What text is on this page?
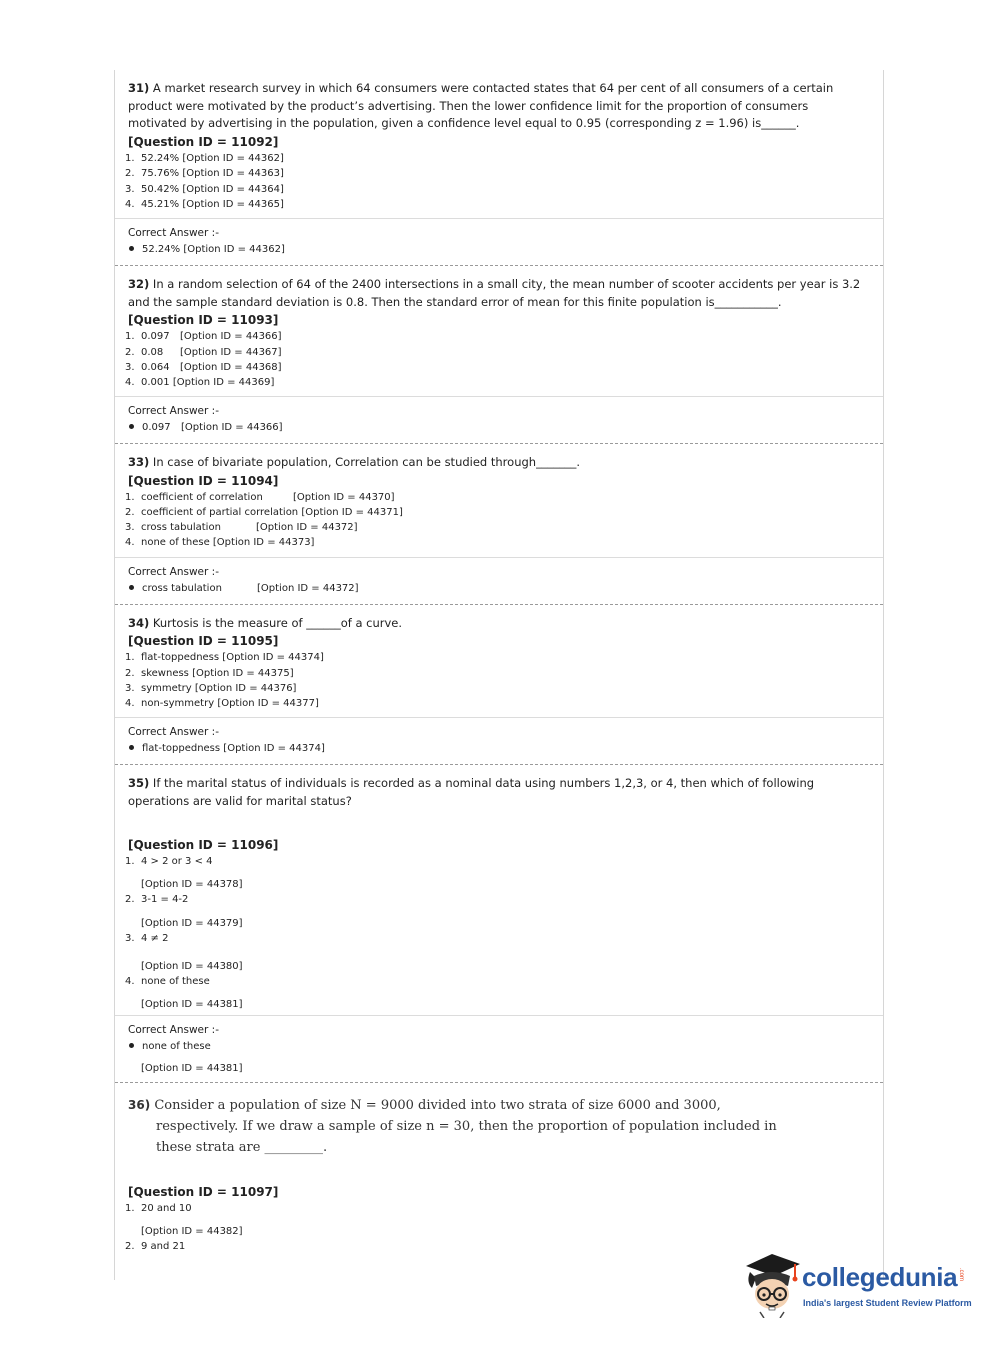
31) A market research survey in which 64 consumers were contacted states that 64 per cent of all consumers of a certain product were motivated by the product’s advertising. Then the lower confidence limit for the proportion of consumers motivated by advertising in the population, given a confidence level equal to 0.95 (corresponding z = 1.96) is______.
[Question ID = 11092]
1. 52.24% [Option ID = 44362]
2. 75.76% [Option ID = 44363]
3. 50.42% [Option ID = 44364]
4. 45.21% [Option ID = 44365]
Correct Answer :-
52.24% [Option ID = 44362]
32) In a random selection of 64 of the 2400 intersections in a small city, the mean number of scooter accidents per year is 3.2 and the sample standard deviation is 0.8. Then the standard error of mean for this finite population is___________.
[Question ID = 11093]
1. 0.097 [Option ID = 44366]
2. 0.08 [Option ID = 44367]
3. 0.064 [Option ID = 44368]
4. 0.001 [Option ID = 44369]
Correct Answer :-
0.097 [Option ID = 44366]
33) In case of bivariate population, Correlation can be studied through_______.
[Question ID = 11094]
1. coefficient of correlation	[Option ID = 44370]
2. coefficient of partial correlation [Option ID = 44371]
3. cross tabulation	[Option ID = 44372]
4. none of these [Option ID = 44373]
Correct Answer :-
cross tabulation	[Option ID = 44372]
34) Kurtosis is the measure of ______of a curve.
[Question ID = 11095]
1. flat-toppedness [Option ID = 44374]
2. skewness [Option ID = 44375]
3. symmetry [Option ID = 44376]
4. non-symmetry [Option ID = 44377]
Correct Answer :-
flat-toppedness [Option ID = 44374]
35) If the marital status of individuals is recorded as a nominal data using numbers 1,2,3, or 4, then which of following operations are valid for marital status?
[Question ID = 11096]
1. 4 > 2 or 3 < 4
[Option ID = 44378]
2. 3-1 = 4-2
[Option ID = 44379]
3. 4 ≠ 2
[Option ID = 44380]
4. none of these
[Option ID = 44381]
Correct Answer :-
none of these
[Option ID = 44381]
36) Consider a population of size N = 9000 divided into two strata of size 6000 and 3000,
respectively. If we draw a sample of size n = 30, then the proportion of population included in
these strata are _________.
[Question ID = 11097]
1. 20 and 10
[Option ID = 44382]
2. 9 and 21
collegedunia .com
India's largest Student Review Platform
